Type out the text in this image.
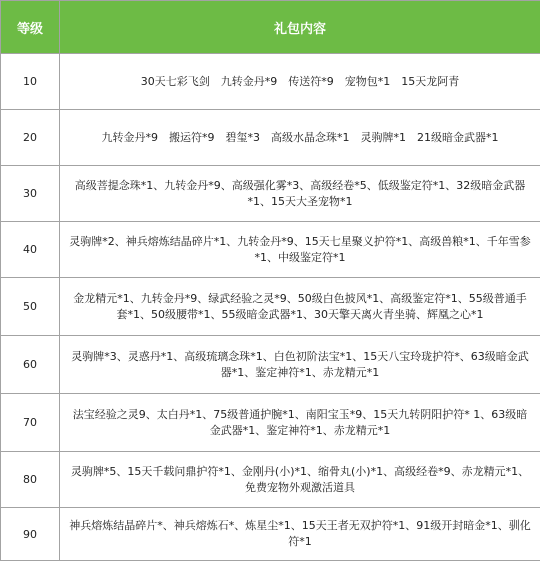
等级	礼包内容
10	30天七彩飞剑　九转金丹*9　传送符*9　宠物包*1　15天龙阿青
20	九转金丹*9　搬运符*9　碧玺*3　高级水晶念珠*1　灵驹牌*1　21级暗金武器*1
30	高级菩提念珠*1、九转金丹*9、高级强化雾*3、高级经卷*5、低级鉴定符*1、32级暗金武器*1、15天大圣宠物*1
40	灵驹牌*2、神兵熔炼结晶碎片*1、九转金丹*9、15天七星聚义护符*1、高级兽粮*1、千年雪参*1、中级鉴定符*1
50	金龙精元*1、九转金丹*9、绿武经验之灵*9、50级白色披风*1、高级鉴定符*1、55级普通手套*1、50级腰带*1、55级暗金武器*1、30天擎天离火青坐骑、辉凰之心*1
60	灵驹牌*3、灵惑丹*1、高级琉璃念珠*1、白色初阶法宝*1、15天八宝玲珑护符*、63级暗金武器*1、鉴定神符*1、赤龙精元*1
70	法宝经验之灵9、太白丹*1、75级普通护腕*1、南阳宝玉*9、15天九转阴阳护符* 1、63级暗金武器*1、鉴定神符*1、赤龙精元*1
80	灵驹牌*5、15天千载问鼎护符*1、金刚丹(小)*1、缩骨丸(小)*1、高级经卷*9、赤龙精元*1、免费宠物外观激活道具
90	神兵熔炼结晶碎片*、神兵熔炼石*、炼星尘*1、15天王者无双护符*1、91级开封暗金*1、驯化符*1
